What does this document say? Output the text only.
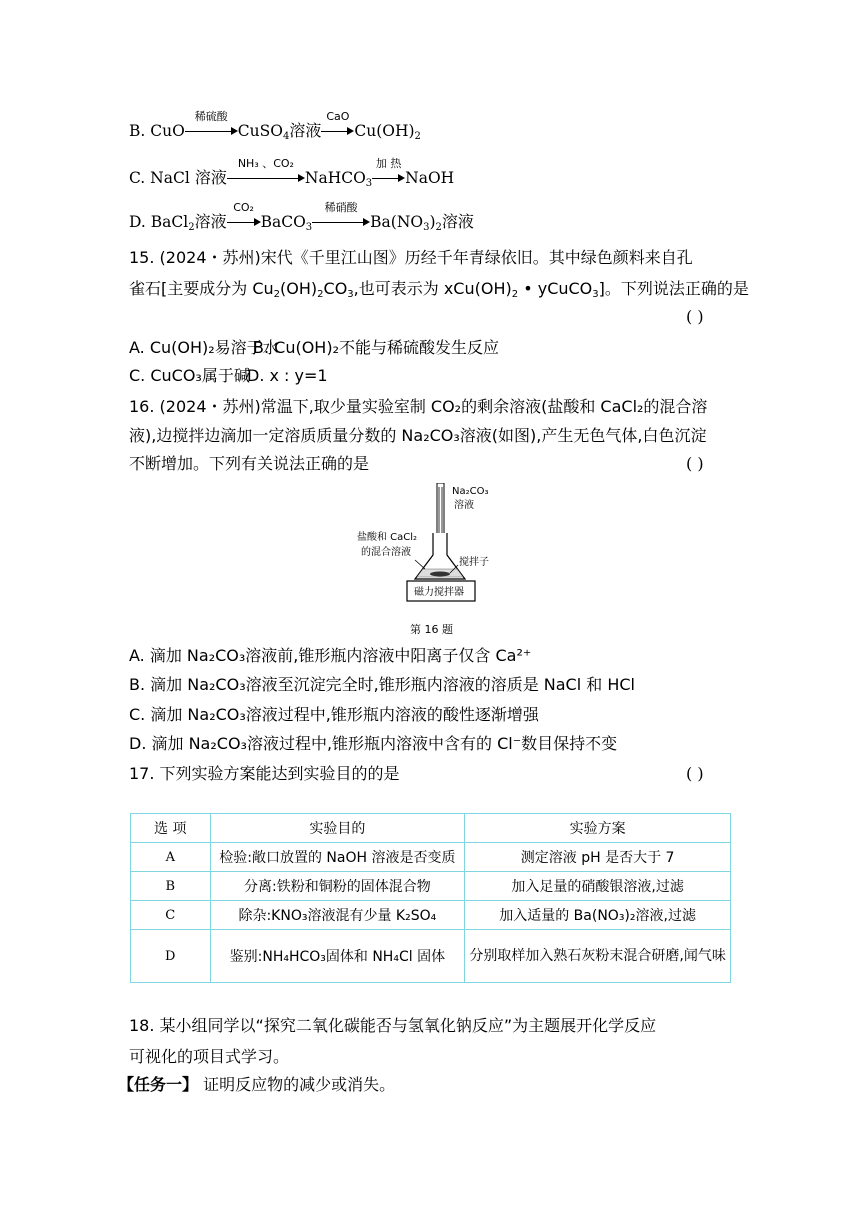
B. CuO
稀硫酸
CuSO$_4$溶液
CaO
$Cu(OH)_2$
C. NaCl 溶液
NH₃ 、CO₂
NaHCO$_3$
加 热
NaOH
D. BaCl$_2$溶液
CO₂
BaCO$_3$
稀硝酸
$Ba(NO_3)_2$溶液
15. (2024・苏州)宋代《千里江山图》历经千年青绿依旧。其中绿色颜料来自孔
雀石[主要成分为 $Cu_2(OH)_2CO_3$,也可表示为 $xCu(OH)_2$ • yCuCO$_3$]。下列说法正确的是
( )
A. Cu(OH)₂易溶于水
B. Cu(OH)₂不能与稀硫酸发生反应
C. CuCO₃属于碱
D. x : y=1
16. (2024・苏州)常温下,取少量实验室制 CO₂的剩余溶液(盐酸和 CaCl₂的混合溶
液),边搅拌边滴加一定溶质质量分数的 Na₂CO₃溶液(如图),产生无色气体,白色沉淀
不断增加。下列有关说法正确的是	( )
Na₂CO₃
溶液
盐酸和 CaCl₂
的混合溶液
搅拌子
磁力搅拌器
第 16 题
A. 滴加 Na₂CO₃溶液前,锥形瓶内溶液中阳离子仅含 Ca²⁺
B. 滴加 Na₂CO₃溶液至沉淀完全时,锥形瓶内溶液的溶质是 NaCl 和 HCl
C. 滴加 Na₂CO₃溶液过程中,锥形瓶内溶液的酸性逐渐增强
D. 滴加 Na₂CO₃溶液过程中,锥形瓶内溶液中含有的 Cl⁻数目保持不变
17. 下列实验方案能达到实验目的的是	( )
选 项	实验目的	实验方案
A	检验:敞口放置的 NaOH 溶液是否变质	测定溶液 pH 是否大于 7
B	分离:铁粉和铜粉的固体混合物	加入足量的硝酸银溶液,过滤
C	除杂:KNO₃溶液混有少量 K₂SO₄	加入适量的 Ba(NO₃)₂溶液,过滤
D	鉴别:NH₄HCO₃固体和 NH₄Cl 固体	分别取样加入熟石灰粉末混合研磨,闻气味
18. 某小组同学以“探究二氧化碳能否与氢氧化钠反应”为主题展开化学反应
可视化的项目式学习。
【任务一】 证明反应物的减少或消失。
